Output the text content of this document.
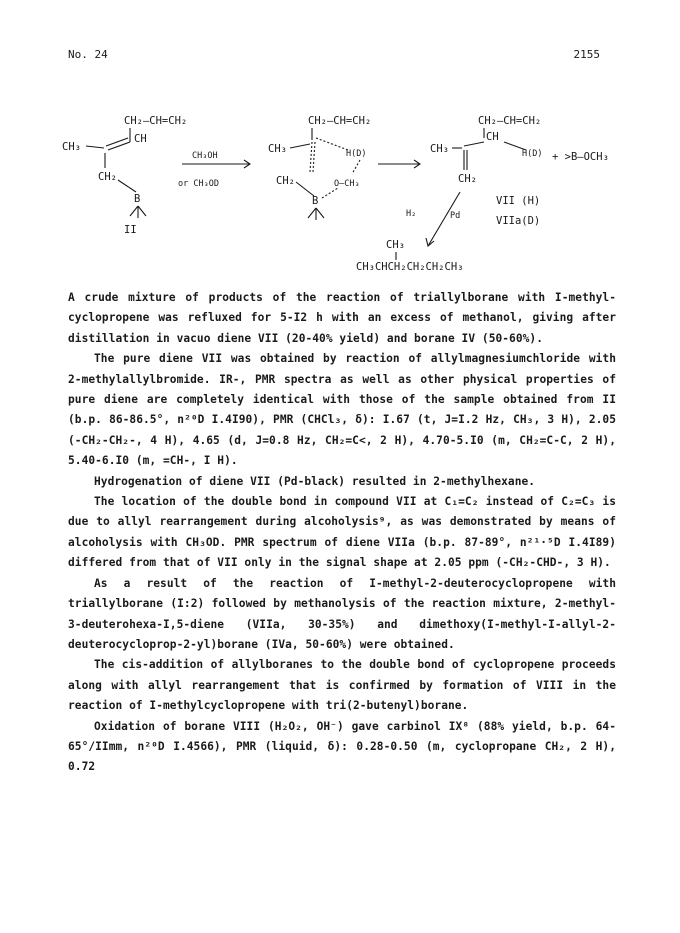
No. 24	2155
CH₂–CH=CH₂
CH
CH₃
CH₂
B
II
CH₃OH
or CH₃OD
CH₂–CH=CH₂
CH₃	H(D)
CH₂
B
O–CH₃
CH₂–CH=CH₂
CH
H(D)
CH₃
CH₂
VII (H)
VIIa(D)
+ >B–OCH₃
H₂	Pd
CH₃
CH₃CHCH₂CH₂CH₂CH₃

A crude mixture of products of the reaction of triallylborane with I-methyl-cyclopropene was refluxed for 5-I2 h with an excess of methanol, giving after distillation in vacuo diene VII (20-40% yield) and borane IV (50-60%).

The pure diene VII was obtained by reaction of allylmagnesiumchloride with 2-methylallylbromide. IR-, PMR spectra as well as other physical properties of pure diene are completely identical with those of the sample obtained from II (b.p. 86-86.5°, n²⁰D I.4I90), PMR (CHCl₃, δ): I.67 (t, J=I.2 Hz, CH₃, 3 H), 2.05 (-CH₂-CH₂-, 4 H), 4.65 (d, J=0.8 Hz, CH₂=C<, 2 H), 4.70-5.I0 (m, CH₂=C-C, 2 H), 5.40-6.I0 (m, =CH-, I H).

Hydrogenation of diene VII (Pd-black) resulted in 2-methylhexane.

The location of the double bond in compound VII at C₁=C₂ instead of C₂=C₃ is due to allyl rearrangement during alcoholysis⁹, as was demonstrated by means of alcoholysis with CH₃OD. PMR spectrum of diene VIIa (b.p. 87-89°, n²¹·⁵D I.4I89) differed from that of VII only in the signal shape at 2.05 ppm (-CH₂-CHD-, 3 H).

As a result of the reaction of I-methyl-2-deuterocyclopropene with triallylborane (I:2) followed by methanolysis of the reaction mixture, 2-methyl-3-deuterohexa-I,5-diene (VIIa, 30-35%) and dimethoxy(I-methyl-I-allyl-2-deuterocycloprop-2-yl)borane (IVa, 50-60%) were obtained.

The cis-addition of allylboranes to the double bond of cyclopropene proceeds along with allyl rearrangement that is confirmed by formation of VIII in the reaction of I-methylcyclopropene with tri(2-butenyl)borane.

Oxidation of borane VIII (H₂O₂, OH⁻) gave carbinol IX⁸ (88% yield, b.p. 64-65°/IImm, n²⁰D I.4566), PMR (liquid, δ): 0.28-0.50 (m, cyclopropane CH₂, 2 H), 0.72
